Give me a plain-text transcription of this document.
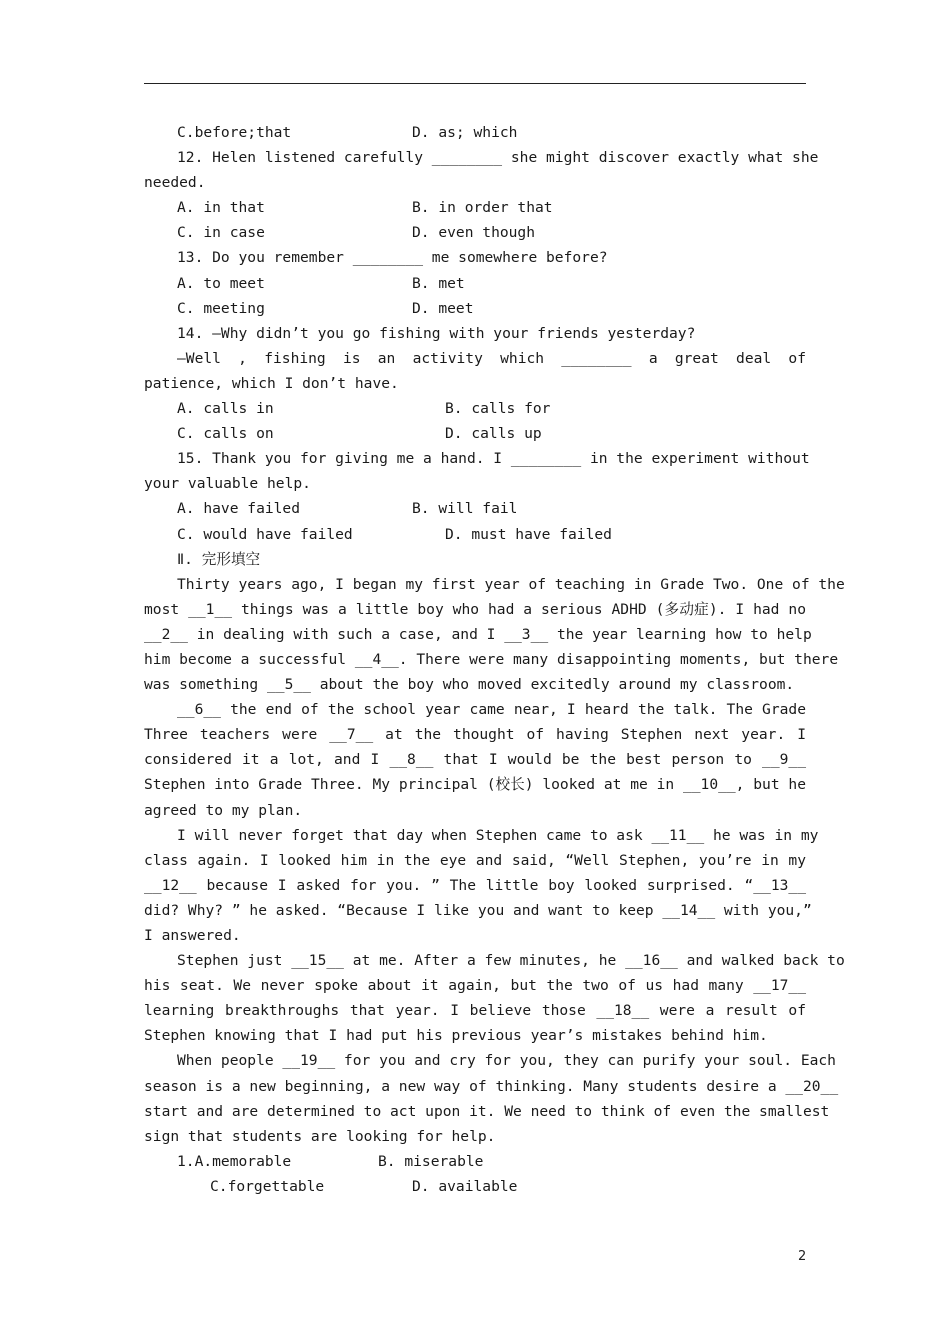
C.before;that	D. as; which
12. Helen listened carefully ________ she might discover exactly what she
needed.
A. in that	B. in order that
C. in case	D. even though
13. Do you remember ________ me somewhere before?
A. to meet	B. met
C. meeting	D. meet
14. —Why didn’t you go fishing with your friends yesterday?
—Well , fishing is an activity which ________ a great deal of
patience, which I don’t have.
A. calls in	B. calls for
C. calls on	D. calls up
15. Thank you for giving me a hand. I ________ in the experiment without
your valuable help.
A. have failed	B. will fail
C. would have failed	D. must have failed
Ⅱ. 完形填空
Thirty years ago, I began my first year of teaching in Grade Two. One of the
most __1__ things was a little boy who had a serious ADHD (多动症). I had no
__2__ in dealing with such a case, and I __3__ the year learning how to help
him become a successful __4__. There were many disappointing moments, but there
was something __5__ about the boy who moved excitedly around my classroom.
__6__ the end of the school year came near, I heard the talk. The Grade
Three teachers were __7__ at the thought of having Stephen next year. I
considered it a lot, and I __8__ that I would be the best person to __9__
Stephen into Grade Three. My principal (校长) looked at me in __10__, but he
agreed to my plan.
I will never forget that day when Stephen came to ask __11__ he was in my
class again. I looked him in the eye and said, “Well Stephen, you’re in my
__12__ because I asked for you. ” The little boy looked surprised. “__13__
did? Why? ” he asked. “Because I like you and want to keep __14__ with you,”
I answered.
Stephen just __15__ at me. After a few minutes, he __16__ and walked back to
his seat. We never spoke about it again, but the two of us had many __17__
learning breakthroughs that year. I believe those __18__ were a result of
Stephen knowing that I had put his previous year’s mistakes behind him.
When people __19__ for you and cry for you, they can purify your soul. Each
season is a new beginning, a new way of thinking. Many students desire a __20__
start and are determined to act upon it. We need to think of even the smallest
sign that students are looking for help.
1.A.memorable	B. miserable
C.forgettable	D. available
2
